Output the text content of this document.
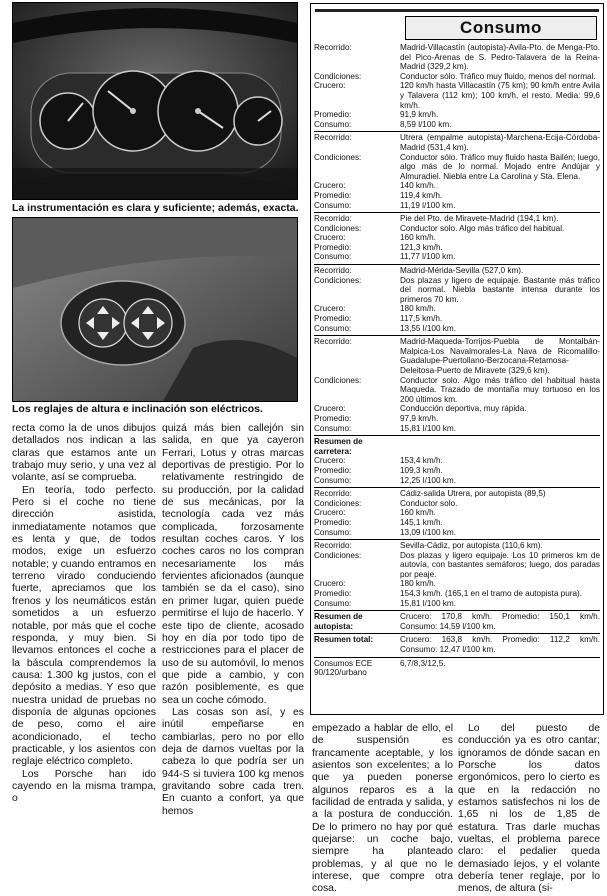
La instrumentación es clara y suficiente; además, exacta.
Los reglajes de altura e inclinación son eléctricos.

recta como la de unos dibujos detallados nos indican a las claras que estamos ante un trabajo muy serio, y una vez al volante, así se comprueba.

En teoría, todo perfecto. Pero si el coche no tiene dirección asistida, inmediatamente notamos que es lenta y que, de todos modos, exige un esfuerzo notable; y cuando entramos en terreno virado conduciendo fuerte, apreciamos que los frenos y los neumáticos están sometidos a un esfuerzo notable, por más que el coche responda, y muy bien. Si llevamos entonces el coche a la báscula comprendemos la causa: 1.300 kg justos, con el depósito a medias. Y eso que nuestra unidad de pruebas no disponía de algunas opciones de peso, como el aire acondicionado, el techo practicable, y los asientos con reglaje eléctrico completo.

Los Porsche han ido cayendo en la misma trampa, o

quizá más bien callejón sin salida, en que ya cayeron Ferrari, Lotus y otras marcas deportivas de prestigio. Por lo relativamente restringido de su producción, por la calidad de sus mecánicas, por la tecnología cada vez más complicada, forzosamente resultan coches caros. Y los coches caros no los compran necesariamente los más fervientes aficionados (aunque también se da el caso), sino en primer lugar, quien puede permitirse el lujo de hacerlo. Y este tipo de cliente, acosado hoy en día por todo tipo de restricciones para el placer de uso de su automóvil, lo menos que pide a cambio, y con razón posiblemente, es que sea un coche cómodo.

Las cosas son así, y es inútil empeñarse en cambiarlas, pero no por ello deja de darnos vueltas por la cabeza lo que podría ser un 944-S si tuviera 100 kg menos gravitando sobre cada tren. En cuanto a confort, ya que hemos

empezado a hablar de ello, el de suspensión es francamente aceptable, y los asientos son excelentes; a lo que ya pueden ponerse algunos reparos es a la facilidad de entrada y salida, y a la postura de conducción. De lo primero no hay por qué quejarse: un coche bajo, siempre ha planteado problemas, y al que no le interese, que compre otra cosa.

Lo del puesto de conducción ya es otro cantar; ignoramos de dónde sacan en Porsche los datos ergonómicos, pero lo cierto es que en la redacción no estamos satisfechos ni los de 1,65 ni los de 1,85 de estatura. Tras darle muchas vueltas, el problema parece claro: el pedalier queda demasiado lejos, y el volante debería tener reglaje, por lo menos, de altura (si-

Consumo
Recorrido:	Madrid-Villacastín (autopista)-Avila-Pto. de Menga-Pto. del Pico-Arenas de S. Pedro-Talavera de la Reina-Madrid (329,2 km).
Condiciones:	Conductor sólo. Tráfico muy fluido, menos del normal.
Crucero:	120 km/h hasta Villacastín (75 km); 90 km/h entre Avila y Talavera (112 km); 100 km/h, el resto. Media: 99,6 km/h.
Promedio:	91,9 km/h.
Consumo:	8,59 l/100 km.
Recorrido:	Utrera (empalme autopista)-Marchena-Ecija-Córdoba-Madrid (531,4 km).
Condiciones:	Conductor sólo. Tráfico muy fluido hasta Bailén; luego, algo más de lo normal. Mojado entre Andújar y Almuradiel. Niebla entre La Carolina y Sta. Elena.
Crucero:	140 km/h.
Promedio:	119,4 km/h.
Consumo:	11,19 l/100 km.
Recorrido:	Pie del Pto. de Miravete-Madrid (194,1 km).
Condiciones:	Conductor solo. Algo más tráfico del habitual.
Crucero:	160 km/h.
Promedio:	121,3 km/h.
Consumo:	11,77 l/100 km.
Recorrido:	Madrid-Mérida-Sevilla (527,0 km).
Condiciones:	Dos plazas y ligero de equipaje. Bastante más tráfico del normal. Niebla bastante intensa durante los primeros 70 km.
Crucero:	180 km/h.
Promedio:	117,5 km/h.
Consumo:	13,55 l/100 km.
Recorrido:	Madrid-Maqueda-Torrijos-Puebla de Montalbán-Malpica-Los Navalmorales-La Nava de Ricomalillo-Guadalupe-Puertollano-Berzocana-Retamosa-Deleitosa-Puerto de Miravete (329,6 km).
Condiciones:	Conductor solo. Algo más tráfico del habitual hasta Maqueda. Trazado de montaña muy tortuoso en los 200 últimos km.
Crucero:	Conducción deportiva, muy rápida.
Promedio:	97,9 km/h.
Consumo:	15,81 l/100 km.
Resumen de carretera:
Crucero:	153,4 km/h.
Promedio:	109,3 km/h.
Consumo:	12,25 l/100 km.
Recorrido:	Cádiz-salida Utrera, por autopista (89,5)
Condiciones:	Conductor solo.
Crucero:	160 km/h.
Promedio:	145,1 km/h.
Consumo:	13,09 l/100 km.
Recorrido:	Sevilla-Cádiz, por autopista (110,6 km).
Condiciones:	Dos plazas y ligero equipaje. Los 10 primeros km de autovía, con bastantes semáforos; luego, dos paradas por peaje.
Crucero:	180 km/h.
Promedio:	154,3 km/h. (165,1 en el tramo de autopista pura).
Consumo:	15,81 l/100 km.
Resumen de autopista:
Crucero: 170,8 km/h. Promedio: 150,1 km/h. Consumo: 14,59 l/100 km.
Resumen total:	Crucero: 163,8 km/h. Promedio: 112,2 km/h. Consumo: 12,47 l/100 km.
Consumos ECE 90/120/urbano
6,7/8,3/12,5.
